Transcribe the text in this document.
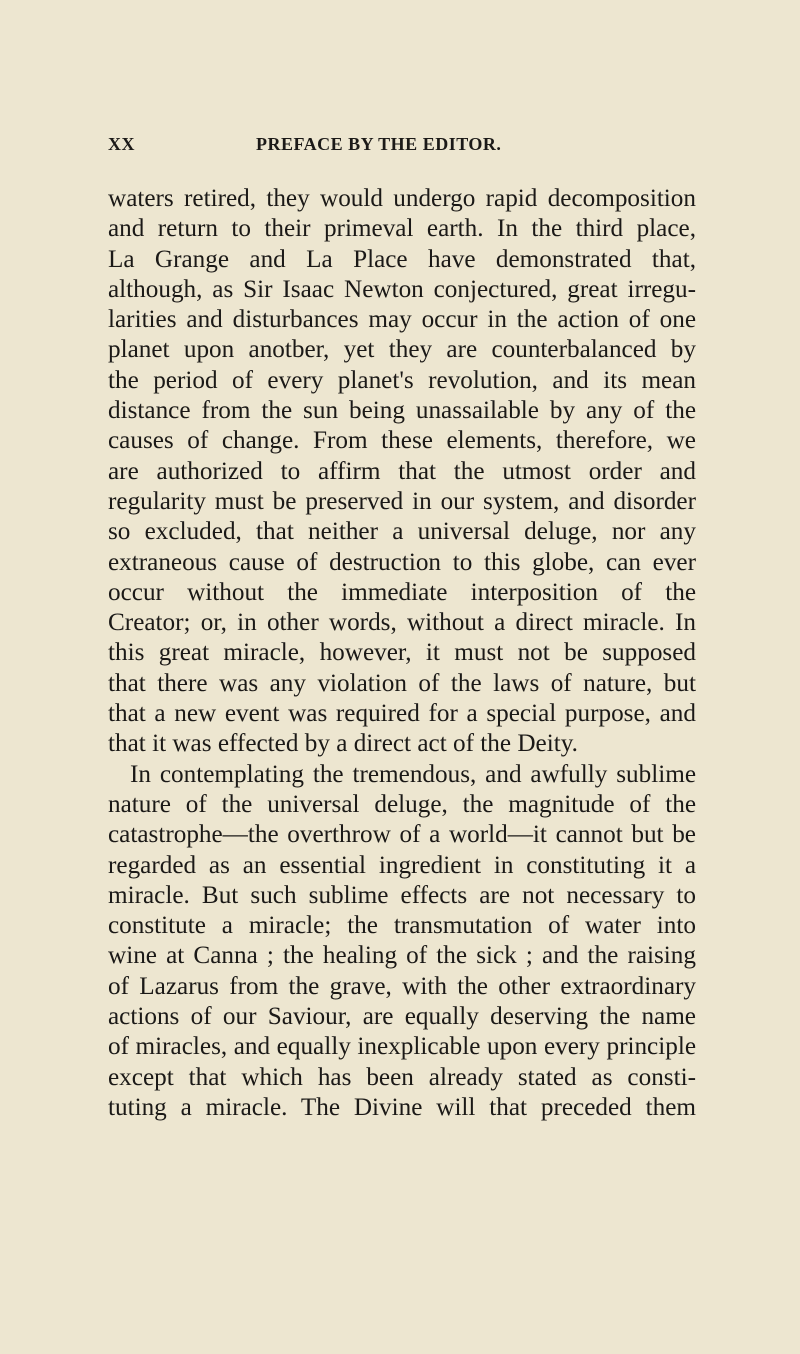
XX	PREFACE BY THE EDITOR.
waters retired, they would undergo rapid decomposition
and return to their primeval earth. In the third place,
La Grange and La Place have demonstrated that,
although, as Sir Isaac Newton conjectured, great irregu-
larities and disturbances may occur in the action of one
planet upon anotber, yet they are counterbalanced by
the period of every planet's revolution, and its mean
distance from the sun being unassailable by any of the
causes of change. From these elements, therefore, we
are authorized to affirm that the utmost order and
regularity must be preserved in our system, and disorder
so excluded, that neither a universal deluge, nor any
extraneous cause of destruction to this globe, can ever
occur without the immediate interposition of the
Creator; or, in other words, without a direct miracle. In
this great miracle, however, it must not be supposed
that there was any violation of the laws of nature, but
that a new event was required for a special purpose, and
that it was effected by a direct act of the Deity.
In contemplating the tremendous, and awfully sublime
nature of the universal deluge, the magnitude of the
catastrophe—the overthrow of a world—it cannot but be
regarded as an essential ingredient in constituting it a
miracle. But such sublime effects are not necessary to
constitute a miracle; the transmutation of water into
wine at Canna ; the healing of the sick ; and the raising
of Lazarus from the grave, with the other extraordinary
actions of our Saviour, are equally deserving the name
of miracles, and equally inexplicable upon every principle
except that which has been already stated as consti-
tuting a miracle. The Divine will that preceded them
